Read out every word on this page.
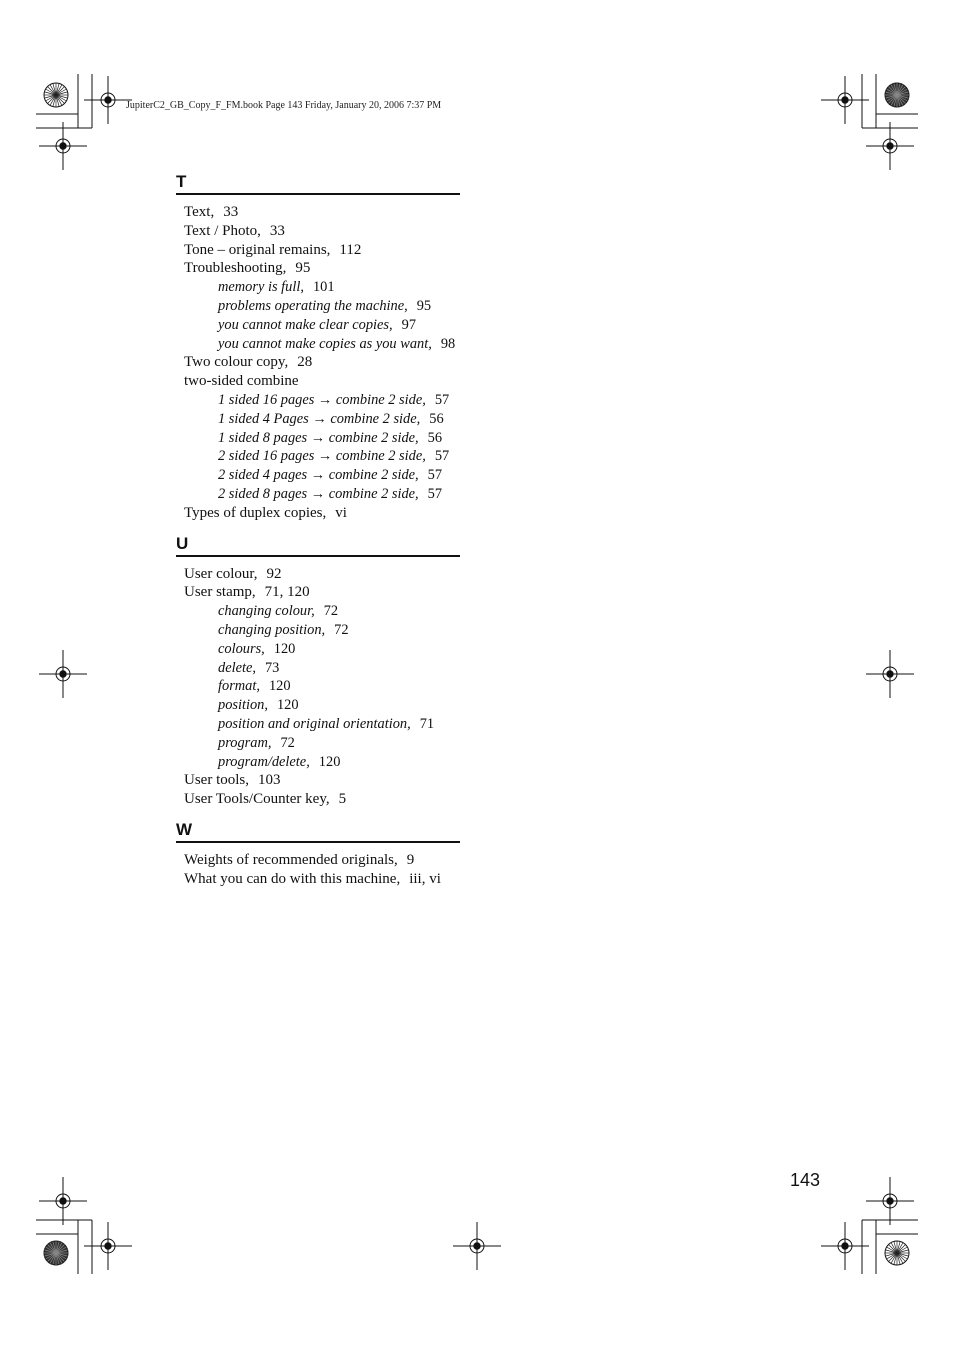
JupiterC2_GB_Copy_F_FM.book Page 143 Friday, January 20, 2006 7:37 PM
T
Text, 33
Text / Photo, 33
Tone – original remains, 112
Troubleshooting, 95
memory is full, 101
problems operating the machine, 95
you cannot make clear copies, 97
you cannot make copies as you want, 98
Two colour copy, 28
two-sided combine
1 sided 16 pages → combine 2 side, 57
1 sided 4 Pages → combine 2 side, 56
1 sided 8 pages → combine 2 side, 56
2 sided 16 pages → combine 2 side, 57
2 sided 4 pages → combine 2 side, 57
2 sided 8 pages → combine 2 side, 57
Types of duplex copies, vi
U
User colour, 92
User stamp, 71, 120
changing colour, 72
changing position, 72
colours, 120
delete, 73
format, 120
position, 120
position and original orientation, 71
program, 72
program/delete, 120
User tools, 103
User Tools/Counter key, 5
W
Weights of recommended originals, 9
What you can do with this machine, iii, vi
143
